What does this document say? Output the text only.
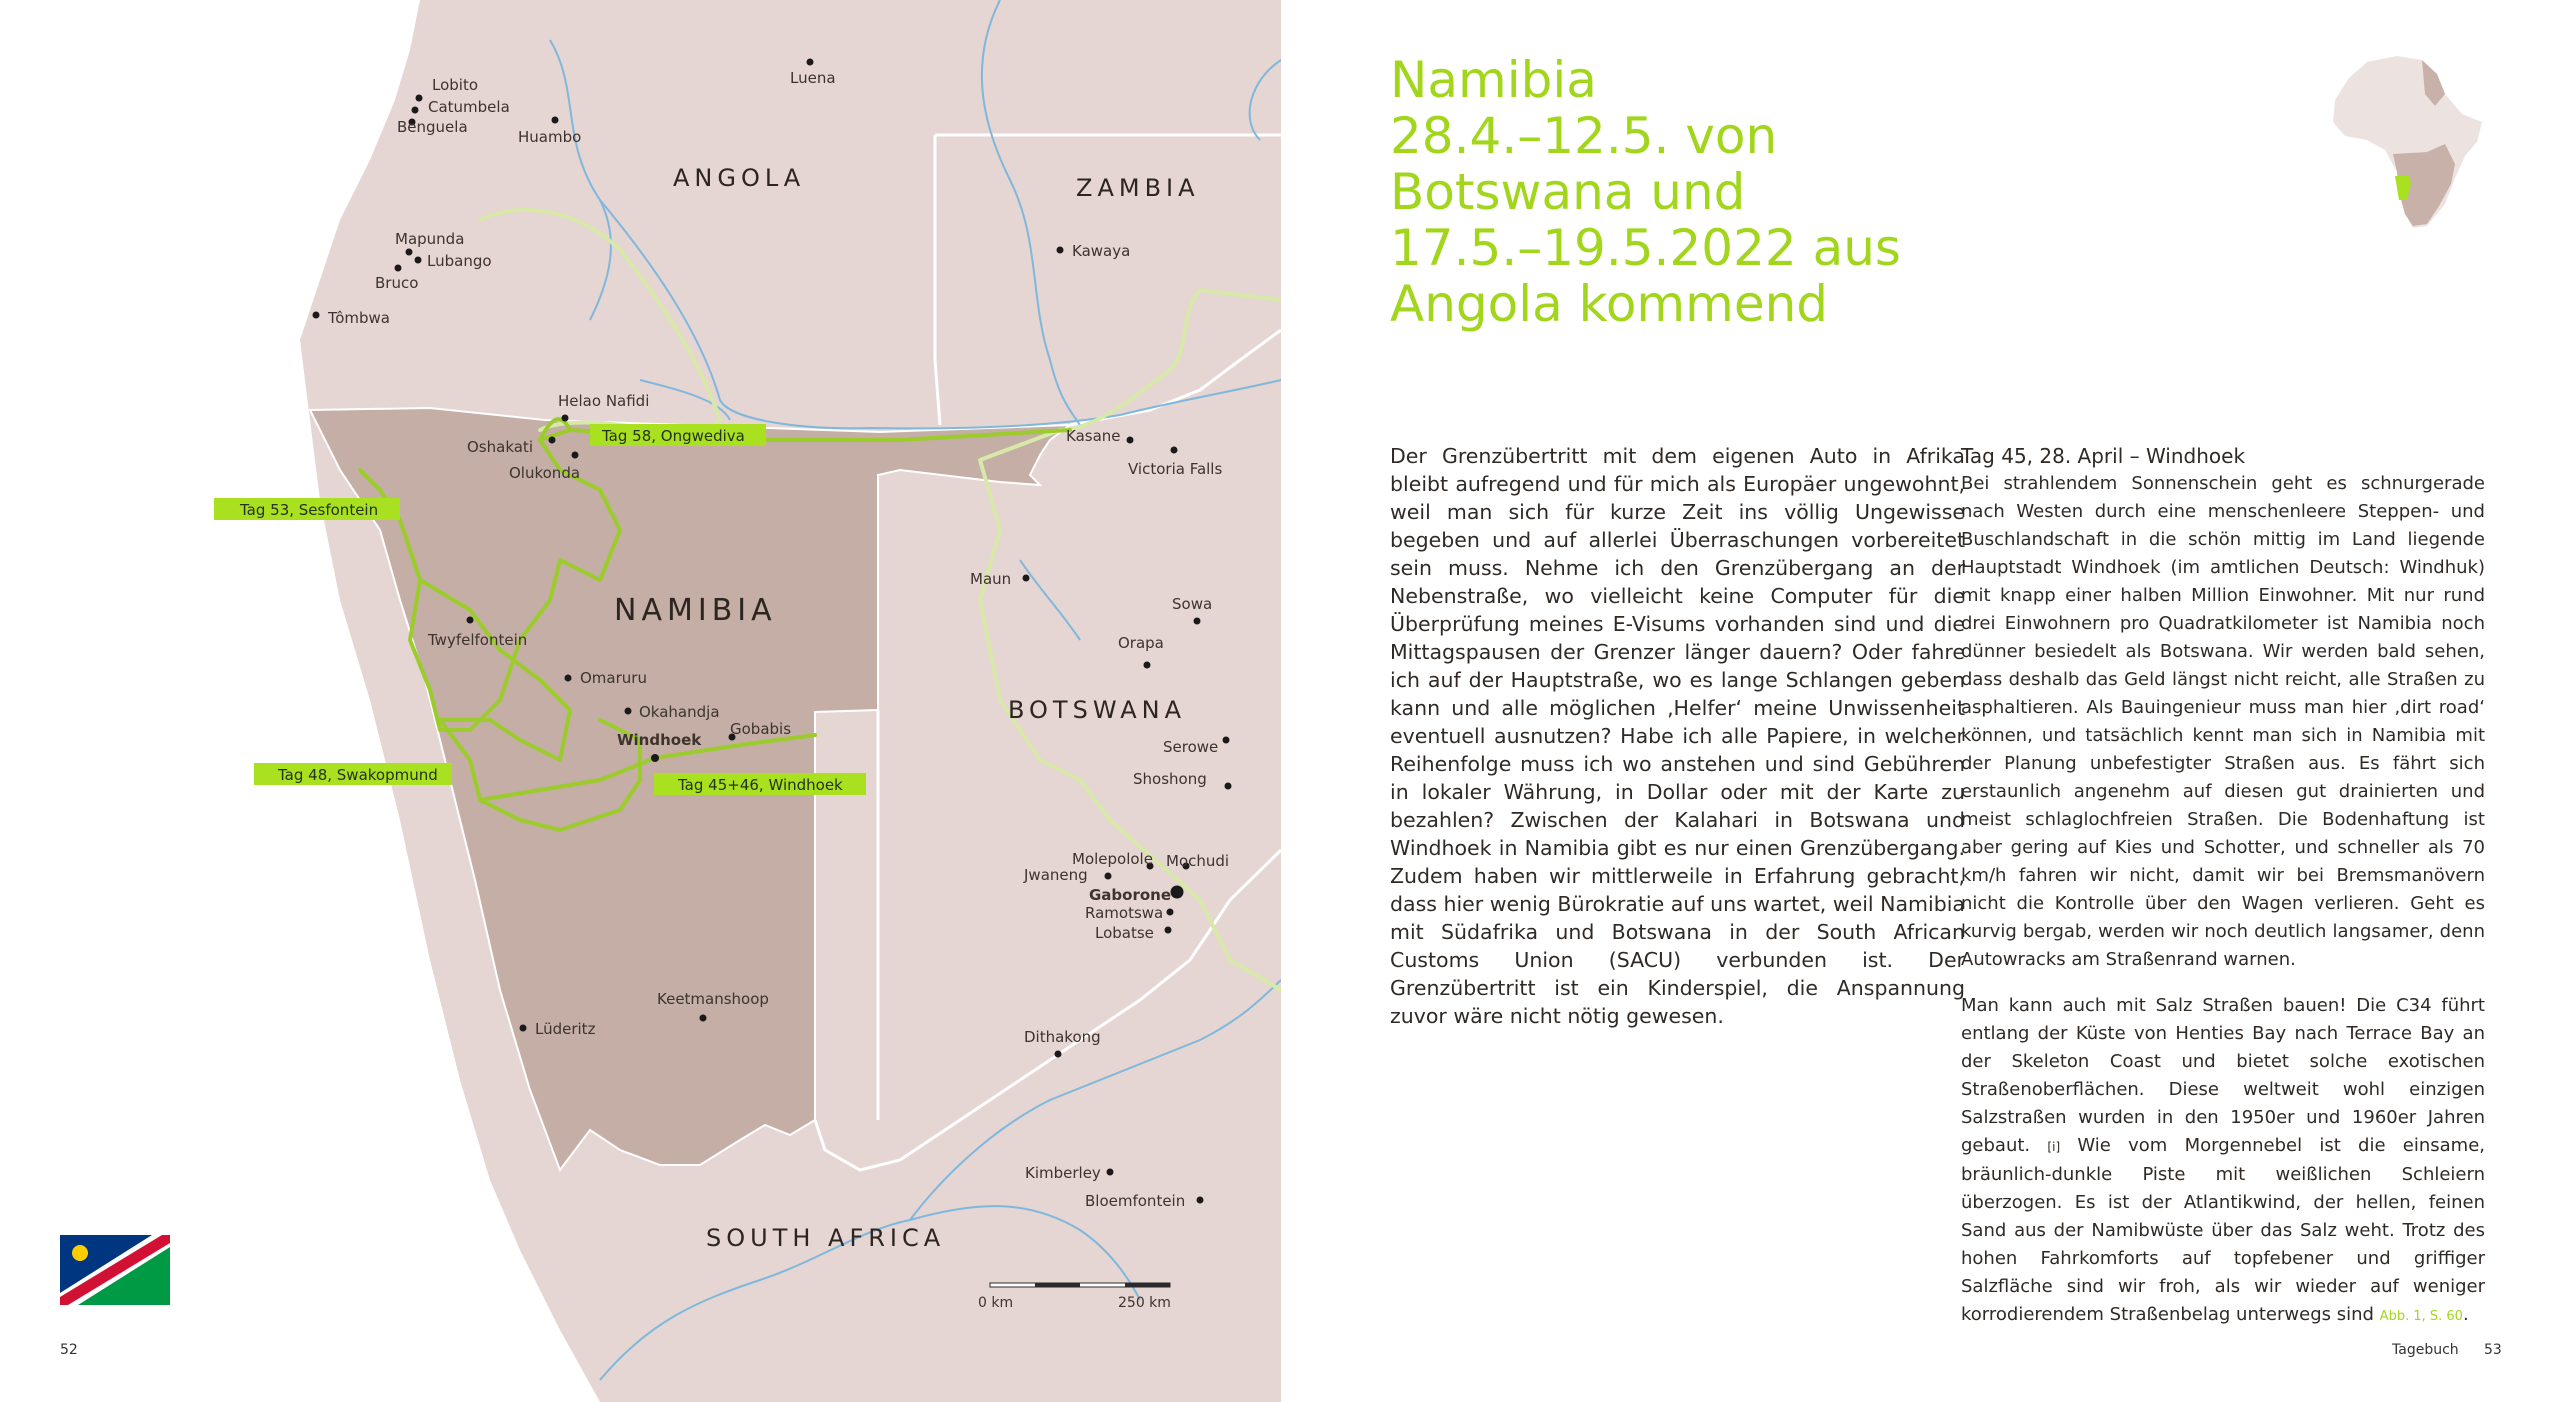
ANGOLA	ZAMBIA
NAMIBIA
BOTSWANA
SOUTH AFRICA
Lobito
Catumbela
Benguela
Huambo
Luena
Mapunda
Lubango
Bruco
Tômbwa
Kawaya
Helao Nafidi
Oshakati
Olukonda
Kasane
Victoria Falls
Maun
Sowa
Orapa
Twyfelfontein
Omaruru
Okahandja
Gobabis
Windhoek	Serowe
Shoshong
Molepolole Mochudi
Jwaneng
Gaborone
Ramotswa
Lobatse
Keetmanshoop
Lüderitz	Dithakong
Kimberley
Bloemfontein
Tag 58, Ongwediva
Tag 53, Sesfontein
Tag 48, Swakopmund
Tag 45+46, Windhoek
0 km	250 km
52
Namibia
28.4.–12.5. von
Botswana und
17.5.–19.5.2022 aus
Angola kommend

Der Grenzübertritt mit dem eigenen Auto in Afrika bleibt aufregend und für mich als Europäer ungewohnt, weil man sich für kurze Zeit ins völlig Ungewisse begeben und auf allerlei Überraschungen vorbereitet sein muss. Nehme ich den Grenzübergang an der Nebenstraße, wo vielleicht keine Computer für die Überprüfung meines E-Visums vorhanden sind und die Mittagspausen der Grenzer länger dauern? Oder fahre ich auf der Hauptstraße, wo es lange Schlangen geben kann und alle möglichen ‚Helfer‘ meine Unwissenheit eventuell ausnutzen? Habe ich alle Papiere, in welcher Reihenfolge muss ich wo anstehen und sind Gebühren in lokaler Währung, in Dollar oder mit der Karte zu bezahlen? Zwischen der Kalahari in Botswana und Windhoek in Namibia gibt es nur einen Grenzübergang. Zudem haben wir mittlerweile in Erfahrung gebracht, dass hier wenig Bürokratie auf uns wartet, weil Namibia mit Südafrika und Botswana in der South African Customs Union (SACU) verbunden ist. Der Grenzübertritt ist ein Kinderspiel, die Anspannung zuvor wäre nicht nötig gewesen.

Tag 45, 28. April – Windhoek

Bei strahlendem Sonnenschein geht es schnurgerade nach Westen durch eine menschenleere Steppen- und Buschlandschaft in die schön mittig im Land liegende Hauptstadt Windhoek (im amtlichen Deutsch: Windhuk) mit knapp einer halben Million Einwohner. Mit nur rund drei Einwohnern pro Quadratkilometer ist Namibia noch dünner besiedelt als Botswana. Wir werden bald sehen, dass deshalb das Geld längst nicht reicht, alle Straßen zu asphaltieren. Als Bauingenieur muss man hier ‚dirt road‘ können, und tatsächlich kennt man sich in Namibia mit der Planung unbefestigter Straßen aus. Es fährt sich erstaunlich angenehm auf diesen gut drainierten und meist schlaglochfreien Straßen. Die Bodenhaftung ist aber gering auf Kies und Schotter, und schneller als 70 km/h fahren wir nicht, damit wir bei Bremsmanövern nicht die Kontrolle über den Wagen verlieren. Geht es kurvig bergab, werden wir noch deutlich langsamer, denn Autowracks am Straßenrand warnen.

Man kann auch mit Salz Straßen bauen! Die C34 führt entlang der Küste von Henties Bay nach Terrace Bay an der Skeleton Coast und bietet solche exotischen Straßenoberflächen. Diese weltweit wohl einzigen Salzstraßen wurden in den 1950er und 1960er Jahren gebaut. [i] Wie vom Morgennebel ist die einsame, bräunlich-dunkle Piste mit weißlichen Schleiern überzogen. Es ist der Atlantikwind, der hellen, feinen Sand aus der Namibwüste über das Salz weht. Trotz des hohen Fahrkomforts auf topfebener und griffiger Salzfläche sind wir froh, als wir wieder auf weniger korrodierendem Straßenbelag unterwegs sind Abb. 1, S. 60.

Tagebuch 53
